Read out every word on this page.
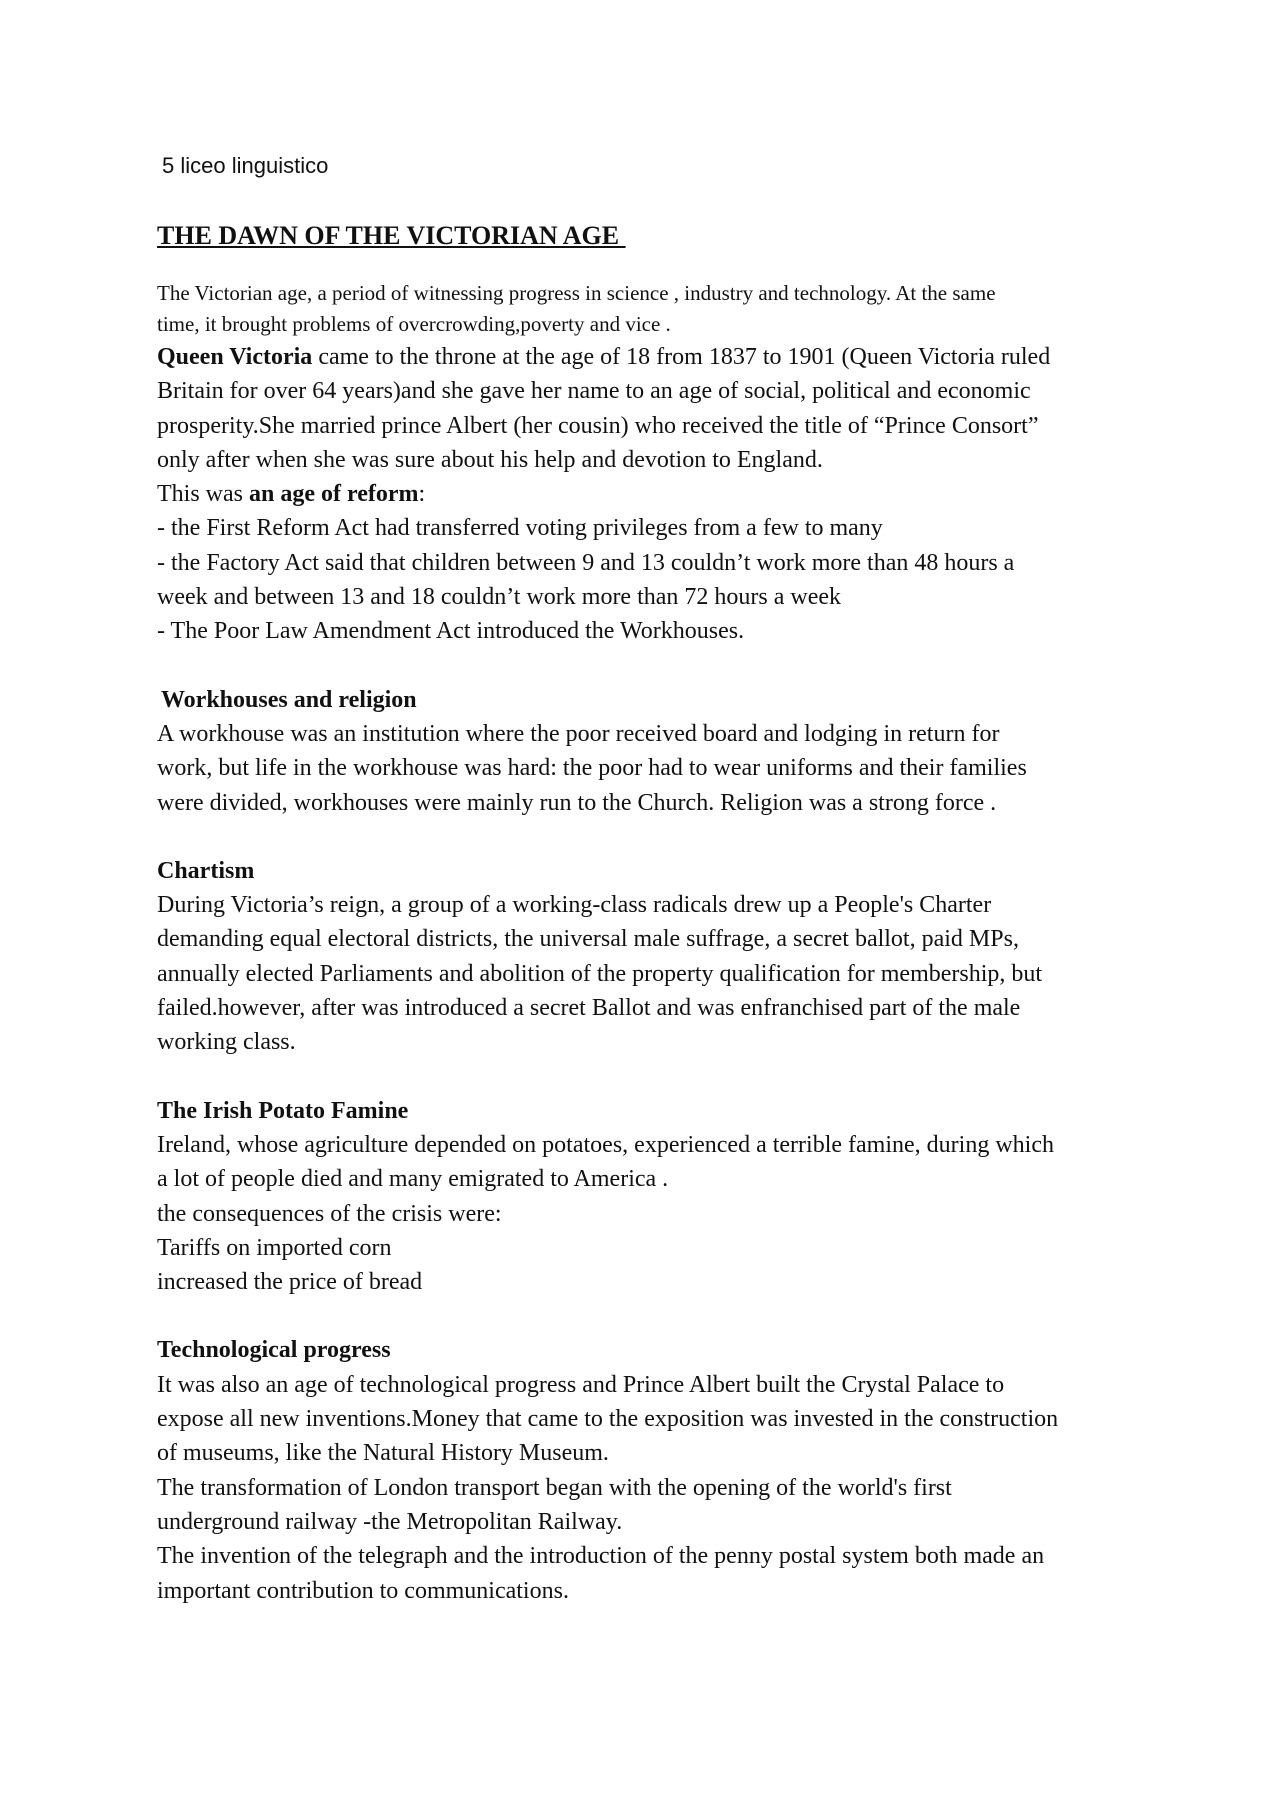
5 liceo linguistico
THE DAWN OF THE VICTORIAN AGE
The Victorian age, a period of witnessing progress in science , industry and technology. At the same
time, it brought problems of overcrowding,poverty and vice .
Queen Victoria came to the throne at the age of 18 from 1837 to 1901 (Queen Victoria ruled
Britain for over 64 years)and she gave her name to an age of social, political and economic
prosperity.She married prince Albert (her cousin) who received the title of “Prince Consort”
only after when she was sure about his help and devotion to England.
This was an age of reform:
- the First Reform Act had transferred voting privileges from a few to many
- the Factory Act said that children between 9 and 13 couldn’t work more than 48 hours a
week and between 13 and 18 couldn’t work more than 72 hours a week
- The Poor Law Amendment Act introduced the Workhouses.
Workhouses and religion
A workhouse was an institution where the poor received board and lodging in return for
work, but life in the workhouse was hard: the poor had to wear uniforms and their families
were divided, workhouses were mainly run to the Church. Religion was a strong force .
Chartism
During Victoria’s reign, a group of a working-class radicals drew up a People's Charter
demanding equal electoral districts, the universal male suffrage, a secret ballot, paid MPs,
annually elected Parliaments and abolition of the property qualification for membership, but
failed.however, after was introduced a secret Ballot and was enfranchised part of the male
working class.
The Irish Potato Famine
Ireland, whose agriculture depended on potatoes, experienced a terrible famine, during which
a lot of people died and many emigrated to America .
the consequences of the crisis were:
Tariffs on imported corn
increased the price of bread
Technological progress
It was also an age of technological progress and Prince Albert built the Crystal Palace to
expose all new inventions.Money that came to the exposition was invested in the construction
of museums, like the Natural History Museum.
The transformation of London transport began with the opening of the world's first
underground railway -the Metropolitan Railway.
The invention of the telegraph and the introduction of the penny postal system both made an
important contribution to communications.
